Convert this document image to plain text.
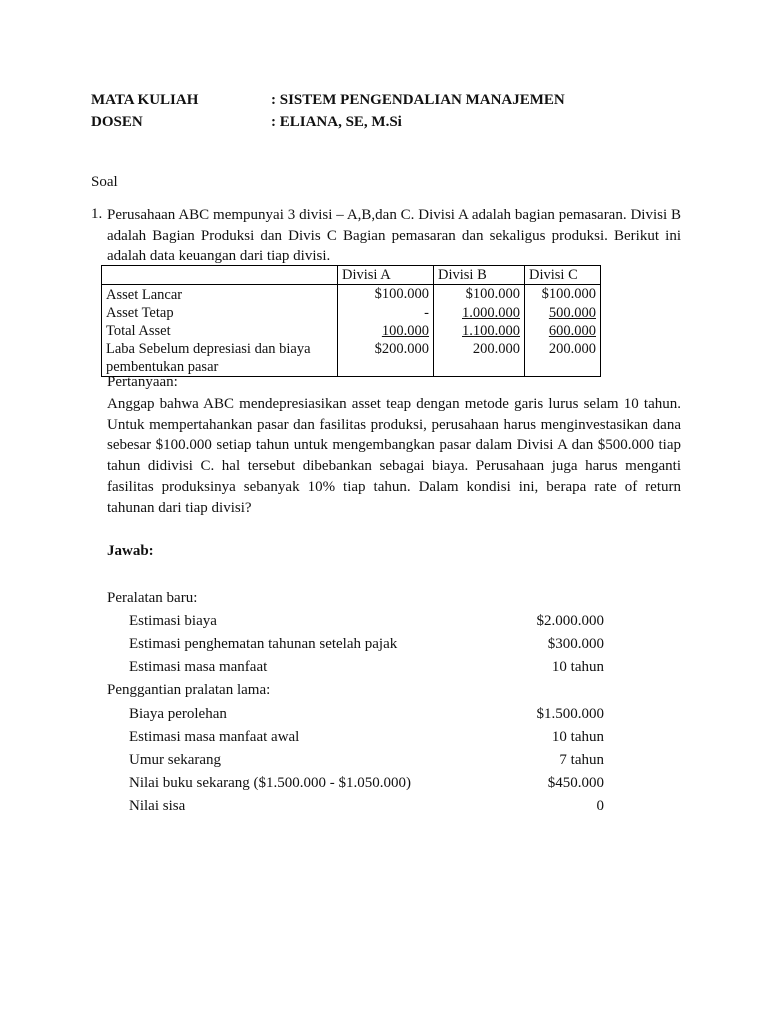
MATA KULIAH	: SISTEM PENGENDALIAN MANAJEMEN
DOSEN	: ELIANA, SE, M.Si
Soal
1. Perusahaan ABC mempunyai 3 divisi – A,B,dan C. Divisi A adalah bagian pemasaran. Divisi B adalah Bagian Produksi dan Divis C Bagian pemasaran dan sekaligus produksi. Berikut ini adalah data keuangan dari tiap divisi.
	Divisi A	Divisi B	Divisi C
Asset Lancar	$100.000	$100.000	$100.000
Asset Tetap	-	1.000.000	500.000
Total Asset	100.000	1.100.000	600.000
Laba Sebelum depresiasi dan biaya pembentukan pasar	$200.000	200.000	200.000
Pertanyaan:
Anggap bahwa ABC mendepresiasikan asset teap dengan metode garis lurus selam 10 tahun. Untuk mempertahankan pasar dan fasilitas produksi, perusahaan harus menginvestasikan dana sebesar $100.000 setiap tahun untuk mengembangkan pasar dalam Divisi A dan $500.000 tiap tahun didivisi C. hal tersebut dibebankan sebagai biaya. Perusahaan juga harus menganti fasilitas produksinya sebanyak 10% tiap tahun. Dalam kondisi ini, berapa rate of return tahunan dari tiap divisi?
Jawab:
Peralatan baru:
Estimasi biaya	$2.000.000
Estimasi penghematan tahunan setelah pajak	$300.000
Estimasi masa manfaat	10 tahun
Penggantian pralatan lama:
Biaya perolehan	$1.500.000
Estimasi masa manfaat awal	10 tahun
Umur sekarang	7 tahun
Nilai buku sekarang ($1.500.000 - $1.050.000)	$450.000
Nilai sisa	0
